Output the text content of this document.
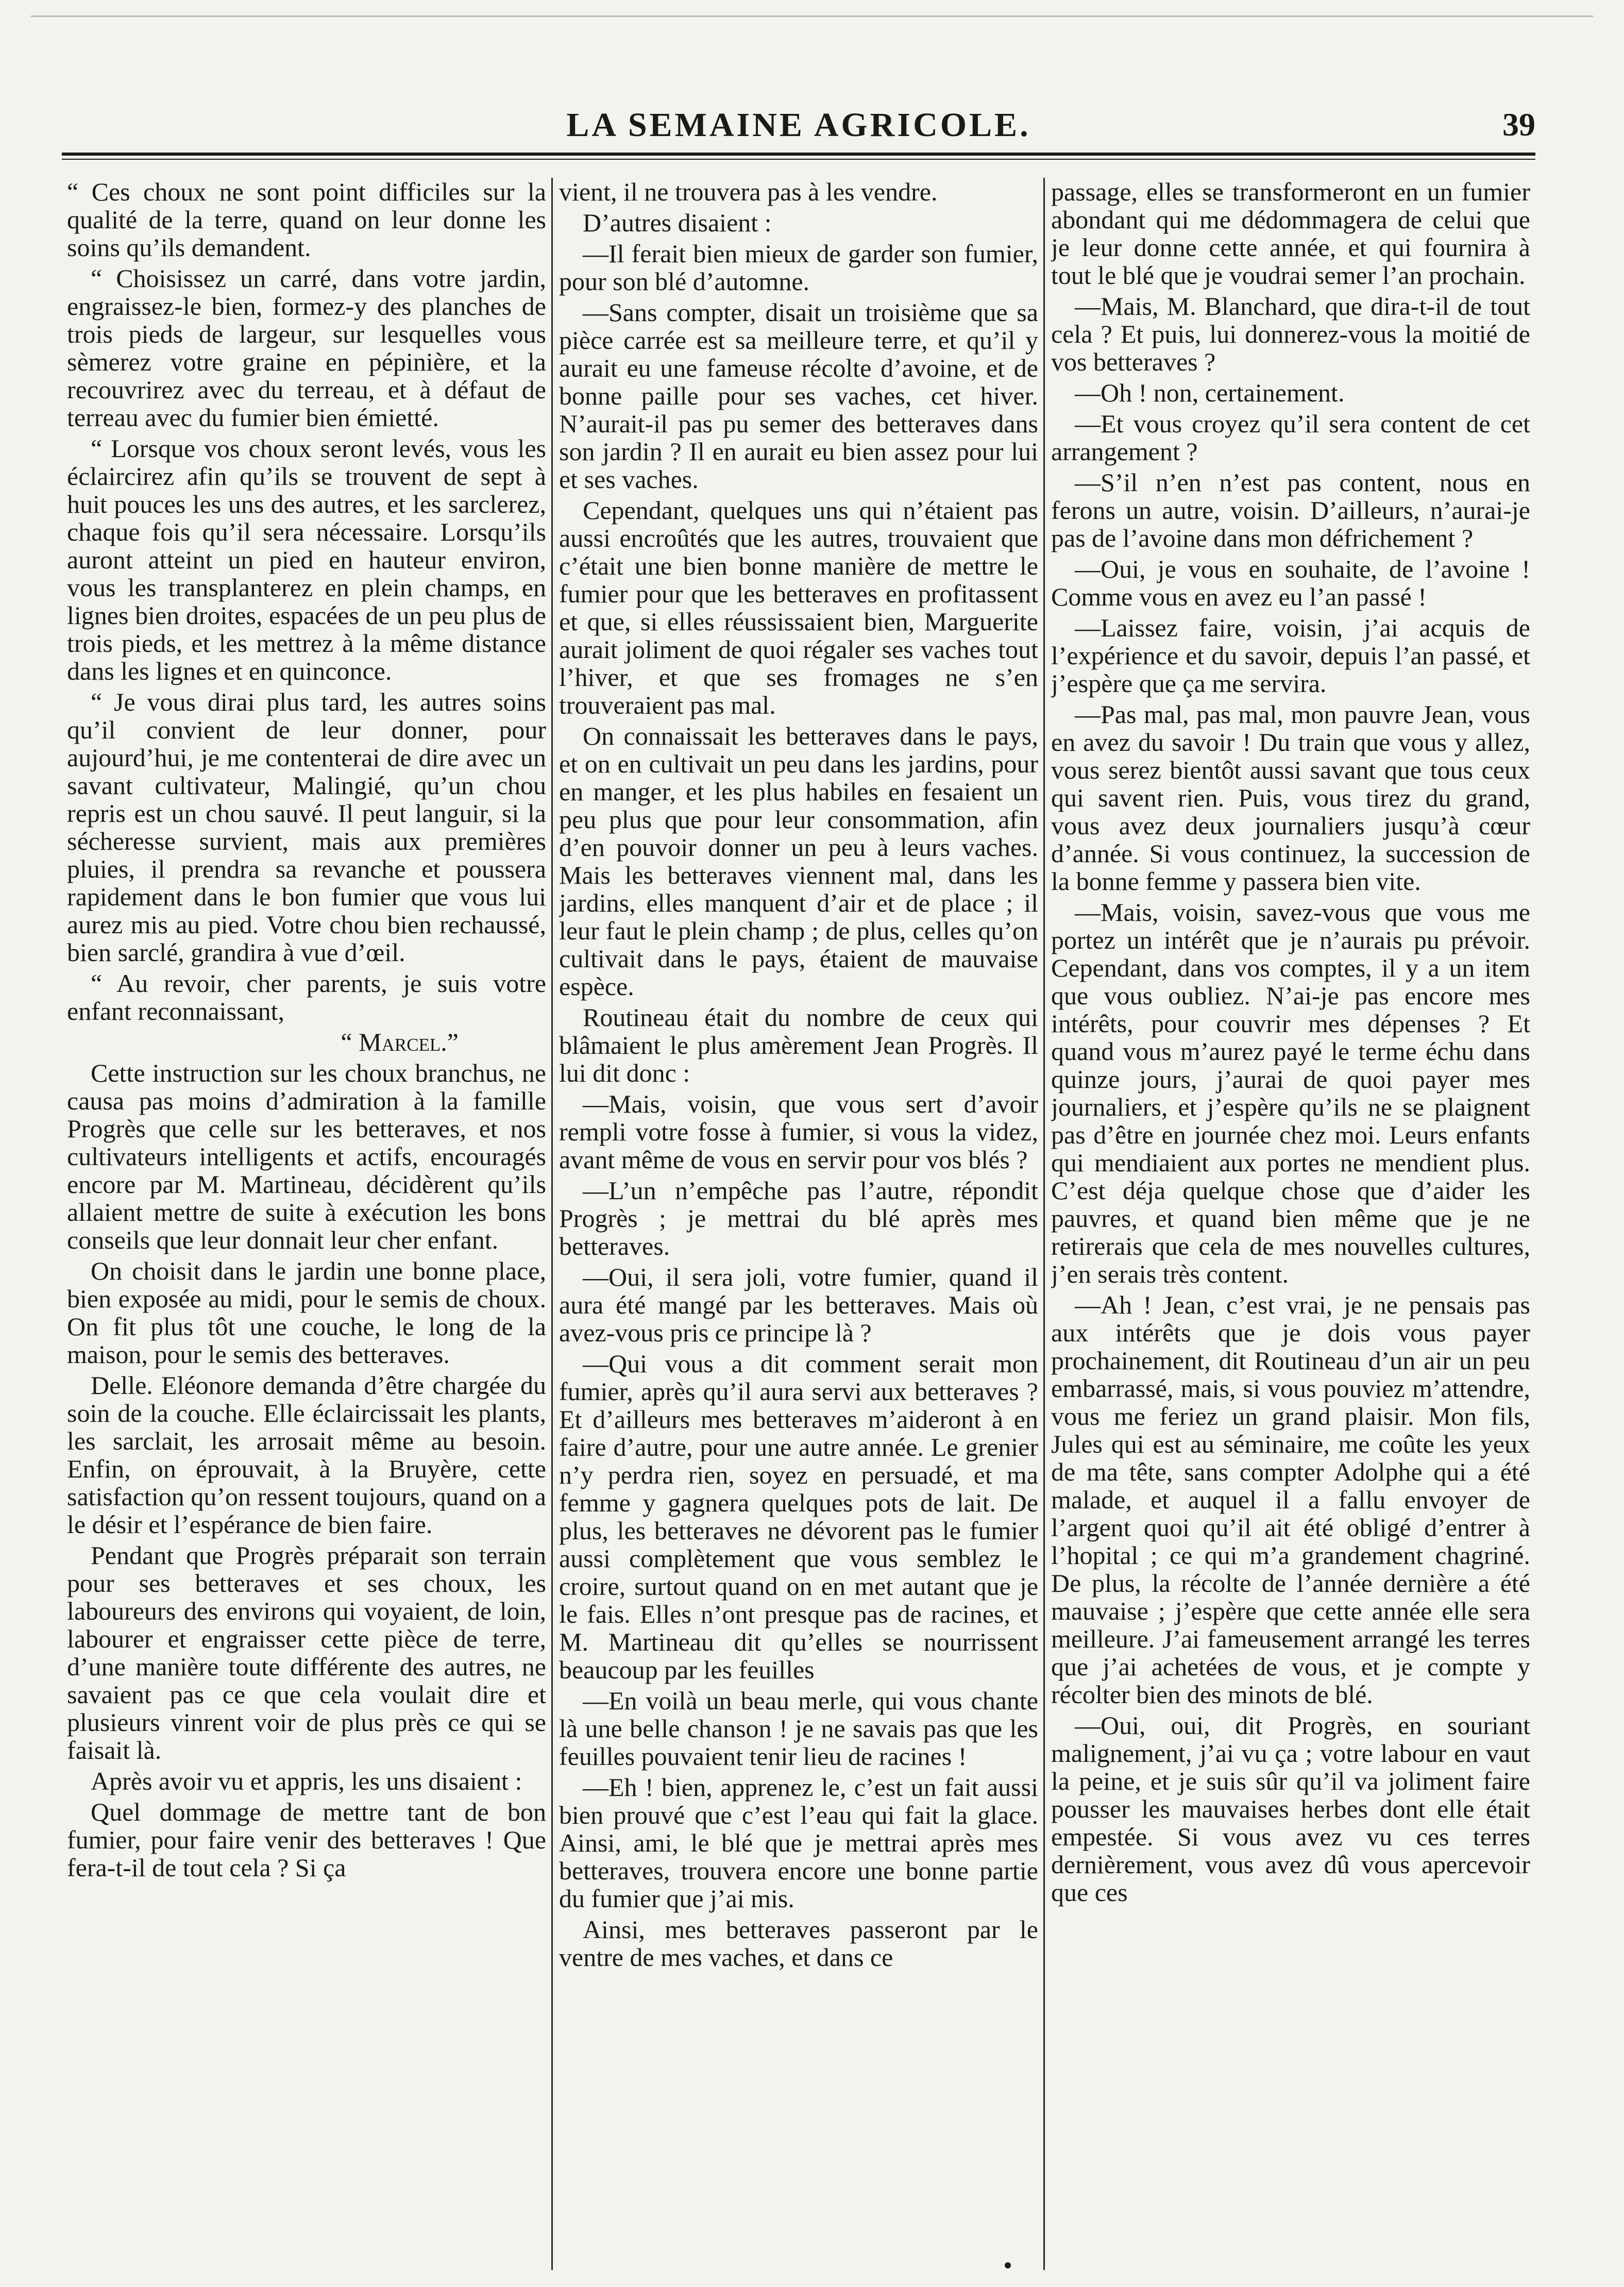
LA SEMAINE AGRICOLE.	39

“ Ces choux ne sont point difficiles sur la qualité de la terre, quand on leur donne les soins qu’ils demandent.

“ Choisissez un carré, dans votre jardin, engraissez-le bien, formez-y des planches de trois pieds de largeur, sur lesquelles vous sèmerez votre graine en pépinière, et la recouvrirez avec du terreau, et à défaut de terreau avec du fumier bien émietté.

“ Lorsque vos choux seront levés, vous les éclaircirez afin qu’ils se trouvent de sept à huit pouces les uns des autres, et les sarclerez, chaque fois qu’il sera nécessaire. Lorsqu’ils auront atteint un pied en hauteur environ, vous les transplanterez en plein champs, en lignes bien droites, espacées de un peu plus de trois pieds, et les mettrez à la même distance dans les lignes et en quinconce.

“ Je vous dirai plus tard, les autres soins qu’il convient de leur donner, pour aujourd’hui, je me contenterai de dire avec un savant cultivateur, Malingié, qu’un chou repris est un chou sauvé. Il peut languir, si la sécheresse survient, mais aux premières pluies, il prendra sa revanche et poussera rapidement dans le bon fumier que vous lui aurez mis au pied. Votre chou bien rechaussé, bien sarclé, grandira à vue d’œil.

“ Au revoir, cher parents, je suis votre enfant reconnaissant,

“ Marcel.”

Cette instruction sur les choux branchus, ne causa pas moins d’admiration à la famille Progrès que celle sur les betteraves, et nos cultivateurs intelligents et actifs, encouragés encore par M. Martineau, décidèrent qu’ils allaient mettre de suite à exécution les bons conseils que leur donnait leur cher enfant.

On choisit dans le jardin une bonne place, bien exposée au midi, pour le semis de choux. On fit plus tôt une couche, le long de la maison, pour le semis des betteraves.

Delle. Eléonore demanda d’être chargée du soin de la couche. Elle éclaircissait les plants, les sarclait, les arrosait même au besoin. Enfin, on éprouvait, à la Bruyère, cette satisfaction qu’on ressent toujours, quand on a le désir et l’espérance de bien faire.

Pendant que Progrès préparait son terrain pour ses betteraves et ses choux, les laboureurs des environs qui voyaient, de loin, labourer et engraisser cette pièce de terre, d’une manière toute différente des autres, ne savaient pas ce que cela voulait dire et plusieurs vinrent voir de plus près ce qui se faisait là.

Après avoir vu et appris, les uns disaient :

Quel dommage de mettre tant de bon fumier, pour faire venir des betteraves ! Que fera-t-il de tout cela ? Si ça

vient, il ne trouvera pas à les vendre.

D’autres disaient :

—Il ferait bien mieux de garder son fumier, pour son blé d’automne.

—Sans compter, disait un troisième que sa pièce carrée est sa meilleure terre, et qu’il y aurait eu une fameuse récolte d’avoine, et de bonne paille pour ses vaches, cet hiver. N’aurait-il pas pu semer des betteraves dans son jardin ? Il en aurait eu bien assez pour lui et ses vaches.

Cependant, quelques uns qui n’étaient pas aussi encroûtés que les autres, trouvaient que c’était une bien bonne manière de mettre le fumier pour que les betteraves en profitassent et que, si elles réussissaient bien, Marguerite aurait joliment de quoi régaler ses vaches tout l’hiver, et que ses fromages ne s’en trouveraient pas mal.

On connaissait les betteraves dans le pays, et on en cultivait un peu dans les jardins, pour en manger, et les plus habiles en fesaient un peu plus que pour leur consommation, afin d’en pouvoir donner un peu à leurs vaches. Mais les betteraves viennent mal, dans les jardins, elles manquent d’air et de place ; il leur faut le plein champ ; de plus, celles qu’on cultivait dans le pays, étaient de mauvaise espèce.

Routineau était du nombre de ceux qui blâmaient le plus amèrement Jean Progrès. Il lui dit donc :

—Mais, voisin, que vous sert d’avoir rempli votre fosse à fumier, si vous la videz, avant même de vous en servir pour vos blés ?

—L’un n’empêche pas l’autre, répondit Progrès ; je mettrai du blé après mes betteraves.

—Oui, il sera joli, votre fumier, quand il aura été mangé par les betteraves. Mais où avez-vous pris ce principe là ?

—Qui vous a dit comment serait mon fumier, après qu’il aura servi aux betteraves ? Et d’ailleurs mes betteraves m’aideront à en faire d’autre, pour une autre année. Le grenier n’y perdra rien, soyez en persuadé, et ma femme y gagnera quelques pots de lait. De plus, les betteraves ne dévorent pas le fumier aussi complètement que vous semblez le croire, surtout quand on en met autant que je le fais. Elles n’ont presque pas de racines, et M. Martineau dit qu’elles se nourrissent beaucoup par les feuilles

—En voilà un beau merle, qui vous chante là une belle chanson ! je ne savais pas que les feuilles pouvaient tenir lieu de racines !

—Eh ! bien, apprenez le, c’est un fait aussi bien prouvé que c’est l’eau qui fait la glace. Ainsi, ami, le blé que je mettrai après mes betteraves, trouvera encore une bonne partie du fumier que j’ai mis.

Ainsi, mes betteraves passeront par le ventre de mes vaches, et dans ce

passage, elles se transformeront en un fumier abondant qui me dédommagera de celui que je leur donne cette année, et qui fournira à tout le blé que je voudrai semer l’an prochain.

—Mais, M. Blanchard, que dira-t-il de tout cela ? Et puis, lui donnerez-vous la moitié de vos betteraves ?

—Oh ! non, certainement.

—Et vous croyez qu’il sera content de cet arrangement ?

—S’il n’en n’est pas content, nous en ferons un autre, voisin. D’ailleurs, n’aurai-je pas de l’avoine dans mon défrichement ?

—Oui, je vous en souhaite, de l’avoine ! Comme vous en avez eu l’an passé !

—Laissez faire, voisin, j’ai acquis de l’expérience et du savoir, depuis l’an passé, et j’espère que ça me servira.

—Pas mal, pas mal, mon pauvre Jean, vous en avez du savoir ! Du train que vous y allez, vous serez bientôt aussi savant que tous ceux qui savent rien. Puis, vous tirez du grand, vous avez deux journaliers jusqu’à cœur d’année. Si vous continuez, la succession de la bonne femme y passera bien vite.

—Mais, voisin, savez-vous que vous me portez un intérêt que je n’aurais pu prévoir. Cependant, dans vos comptes, il y a un item que vous oubliez. N’ai-je pas encore mes intérêts, pour couvrir mes dépenses ? Et quand vous m’aurez payé le terme échu dans quinze jours, j’aurai de quoi payer mes journaliers, et j’espère qu’ils ne se plaignent pas d’être en journée chez moi. Leurs enfants qui mendiaient aux portes ne mendient plus. C’est déja quelque chose que d’aider les pauvres, et quand bien même que je ne retirerais que cela de mes nouvelles cultures, j’en serais très content.

—Ah ! Jean, c’est vrai, je ne pensais pas aux intérêts que je dois vous payer prochainement, dit Routineau d’un air un peu embarrassé, mais, si vous pouviez m’attendre, vous me feriez un grand plaisir. Mon fils, Jules qui est au séminaire, me coûte les yeux de ma tête, sans compter Adolphe qui a été malade, et auquel il a fallu envoyer de l’argent quoi qu’il ait été obligé d’entrer à l’hopital ; ce qui m’a grandement chagriné. De plus, la récolte de l’année dernière a été mauvaise ; j’espère que cette année elle sera meilleure. J’ai fameusement arrangé les terres que j’ai achetées de vous, et je compte y récolter bien des minots de blé.

—Oui, oui, dit Progrès, en souriant malignement, j’ai vu ça ; votre labour en vaut la peine, et je suis sûr qu’il va joliment faire pousser les mauvaises herbes dont elle était empestée. Si vous avez vu ces terres dernièrement, vous avez dû vous apercevoir que ces
